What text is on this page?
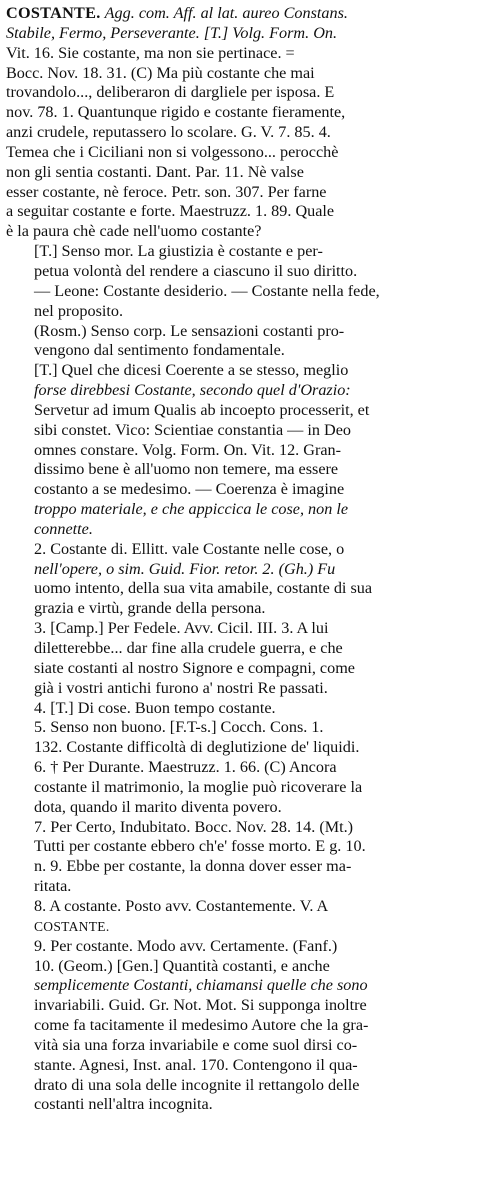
COSTANTE. Agg. com. Aff. al lat. aureo Constans.
Stabile, Fermo, Perseverante. [T.] Volg. Form. On.
Vit. 16. Sie costante, ma non sie pertinace. =
Bocc. Nov. 18. 31. (C) Ma più costante che mai
trovandolo..., deliberaron di dargliele per isposa. E
nov. 78. 1. Quantunque rigido e costante fieramente,
anzi crudele, reputassero lo scolare. G. V. 7. 85. 4.
Temea che i Ciciliani non si volgessono... perocchè
non gli sentia costanti. Dant. Par. 11. Nè valse
esser costante, nè feroce. Petr. son. 307. Per farne
a seguitar costante e forte. Maestruzz. 1. 89. Quale
è la paura chè cade nell'uomo costante?

[T.] Senso mor. La giustizia è costante e per-
petua volontà del rendere a ciascuno il suo diritto.
— Leone: Costante desiderio. — Costante nella fede,
nel proposito.

(Rosm.) Senso corp. Le sensazioni costanti pro-
vengono dal sentimento fondamentale.

[T.] Quel che dicesi Coerente a se stesso, meglio
forse direbbesi Costante, secondo quel d'Orazio:
Servetur ad imum Qualis ab incoepto processerit, et
sibi constet. Vico: Scientiae constantia — in Deo
omnes constare. Volg. Form. On. Vit. 12. Gran-
dissimo bene è all'uomo non temere, ma essere
costanto a se medesimo. — Coerenza è imagine
troppo materiale, e che appiccica le cose, non le
connette.

2. Costante di. Ellitt. vale Costante nelle cose, o
nell'opere, o sim. Guid. Fior. retor. 2. (Gh.) Fu
uomo intento, della sua vita amabile, costante di sua
grazia e virtù, grande della persona.

3. [Camp.] Per Fedele. Avv. Cicil. III. 3. A lui
diletterebbe... dar fine alla crudele guerra, e che
siate costanti al nostro Signore e compagni, come
già i vostri antichi furono a' nostri Re passati.

4. [T.] Di cose. Buon tempo costante.

5. Senso non buono. [F.T-s.] Cocch. Cons. 1.
132. Costante difficoltà di deglutizione de' liquidi.

6. † Per Durante. Maestruzz. 1. 66. (C) Ancora
costante il matrimonio, la moglie può ricoverare la
dota, quando il marito diventa povero.

7. Per Certo, Indubitato. Bocc. Nov. 28. 14. (Mt.)
Tutti per costante ebbero ch'e' fosse morto. E g. 10.
n. 9. Ebbe per costante, la donna dover esser ma-
ritata.

8. A costante. Posto avv. Costantemente. V. A
COSTANTE.

9. Per costante. Modo avv. Certamente. (Fanf.)

10. (Geom.) [Gen.] Quantità costanti, e anche
semplicemente Costanti, chiamansi quelle che sono
invariabili. Guid. Gr. Not. Mot. Si supponga inoltre
come fa tacitamente il medesimo Autore che la gra-
vità sia una forza invariabile e come suol dirsi co-
stante. Agnesi, Inst. anal. 170. Contengono il qua-
drato di una sola delle incognite il rettangolo delle
costanti nell'altra incognita.
